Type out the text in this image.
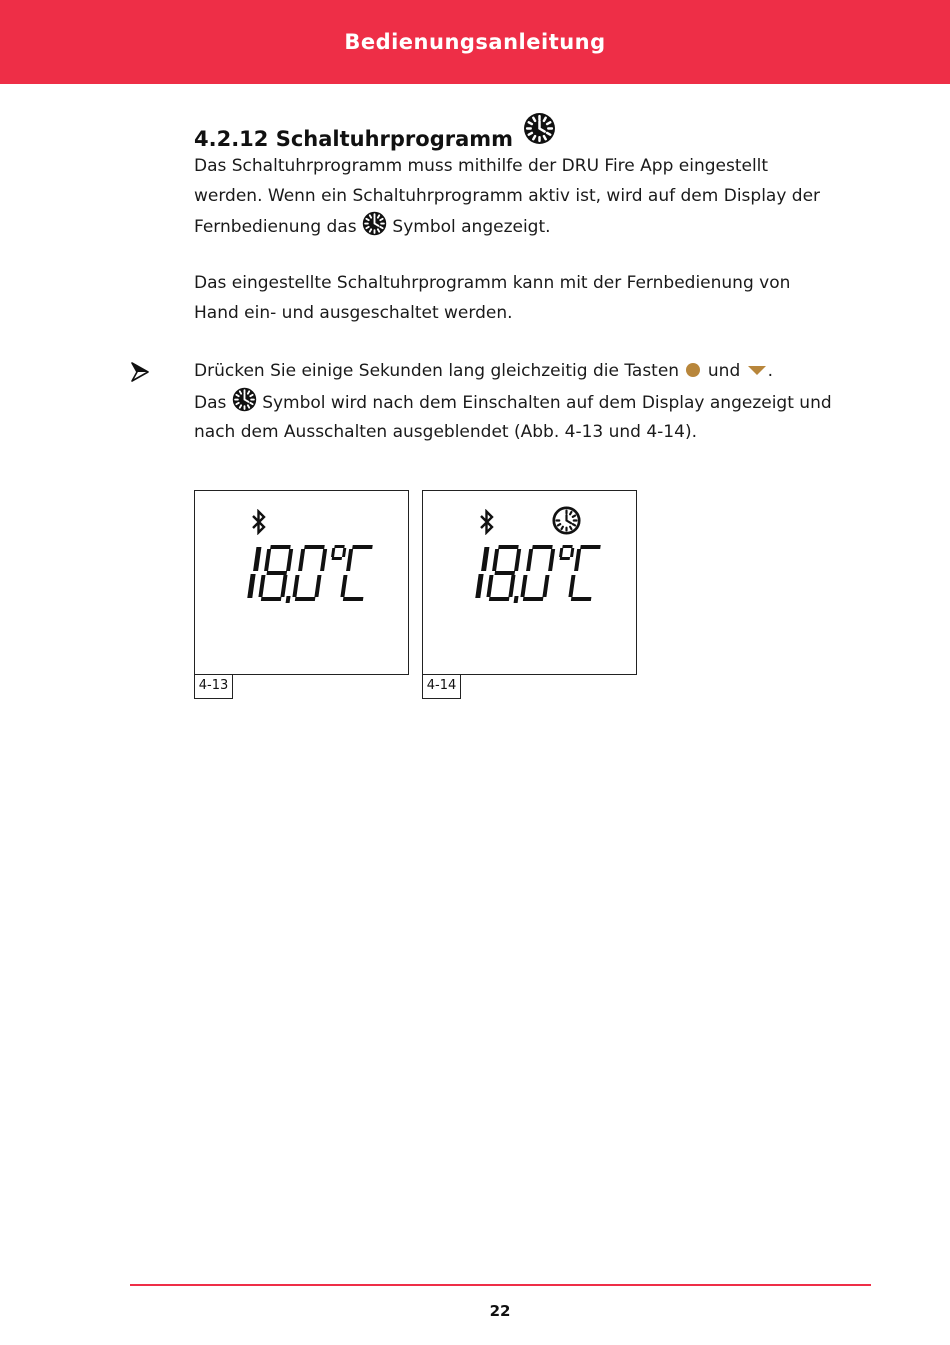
Bedienungsanleitung
4.2.12 Schaltuhrprogramm
Das Schaltuhrprogramm muss mithilfe der DRU Fire App eingestellt
werden. Wenn ein Schaltuhrprogramm aktiv ist, wird auf dem Display der
Fernbedienung das Symbol angezeigt.
Das eingestellte Schaltuhrprogramm kann mit der Fernbedienung von
Hand ein- und ausgeschaltet werden.
Drücken Sie einige Sekunden lang gleichzeitig die Tasten und .
Das Symbol wird nach dem Einschalten auf dem Display angezeigt und
nach dem Ausschalten ausgeblendet (Abb. 4-13 und 4-14).
4-13	4-14
22
